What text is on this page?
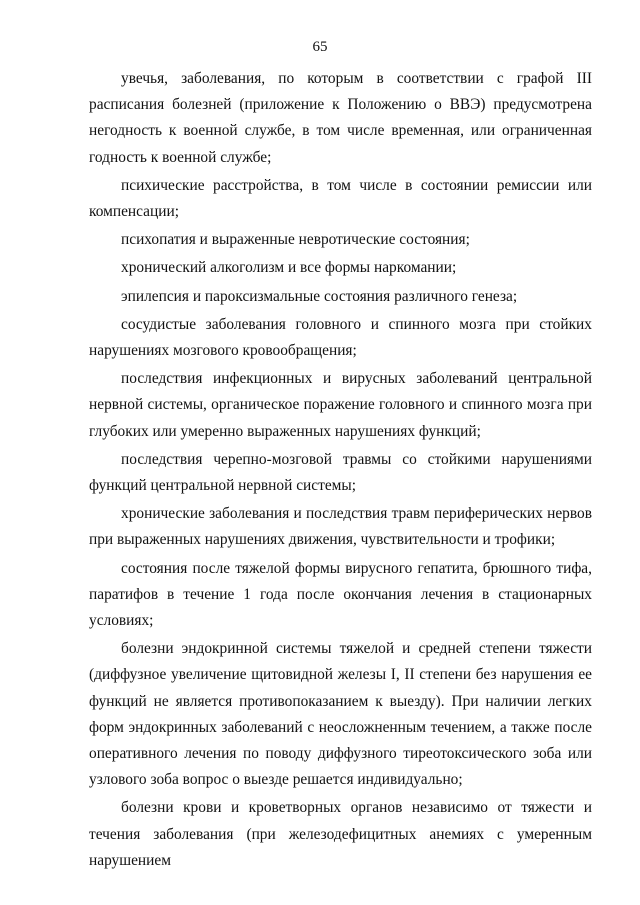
65

увечья, заболевания, по которым в соответствии с графой III расписания болезней (приложение к Положению о ВВЭ) предусмотрена негодность к военной службе, в том числе временная, или ограниченная годность к военной службе;

психические расстройства, в том числе в состоянии ремиссии или компенсации;

психопатия и выраженные невротические состояния;

хронический алкоголизм и все формы наркомании;

эпилепсия и пароксизмальные состояния различного генеза;

сосудистые заболевания головного и спинного мозга при стойких нарушениях мозгового кровообращения;

последствия инфекционных и вирусных заболеваний центральной нервной системы, органическое поражение головного и спинного мозга при глубоких или умеренно выраженных нарушениях функций;

последствия черепно-мозговой травмы со стойкими нарушениями функций центральной нервной системы;

хронические заболевания и последствия травм периферических нервов при выраженных нарушениях движения, чувствительности и трофики;

состояния после тяжелой формы вирусного гепатита, брюшного тифа, паратифов в течение 1 года после окончания лечения в стационарных условиях;

болезни эндокринной системы тяжелой и средней степени тяжести (диффузное увеличение щитовидной железы I, II степени без нарушения ее функций не является противопоказанием к выезду). При наличии легких форм эндокринных заболеваний с неосложненным течением, а также после оперативного лечения по поводу диффузного тиреотоксического зоба или узлового зоба вопрос о выезде решается индивидуально;

болезни крови и кроветворных органов независимо от тяжести и течения заболевания (при железодефицитных анемиях с умеренным нарушением
